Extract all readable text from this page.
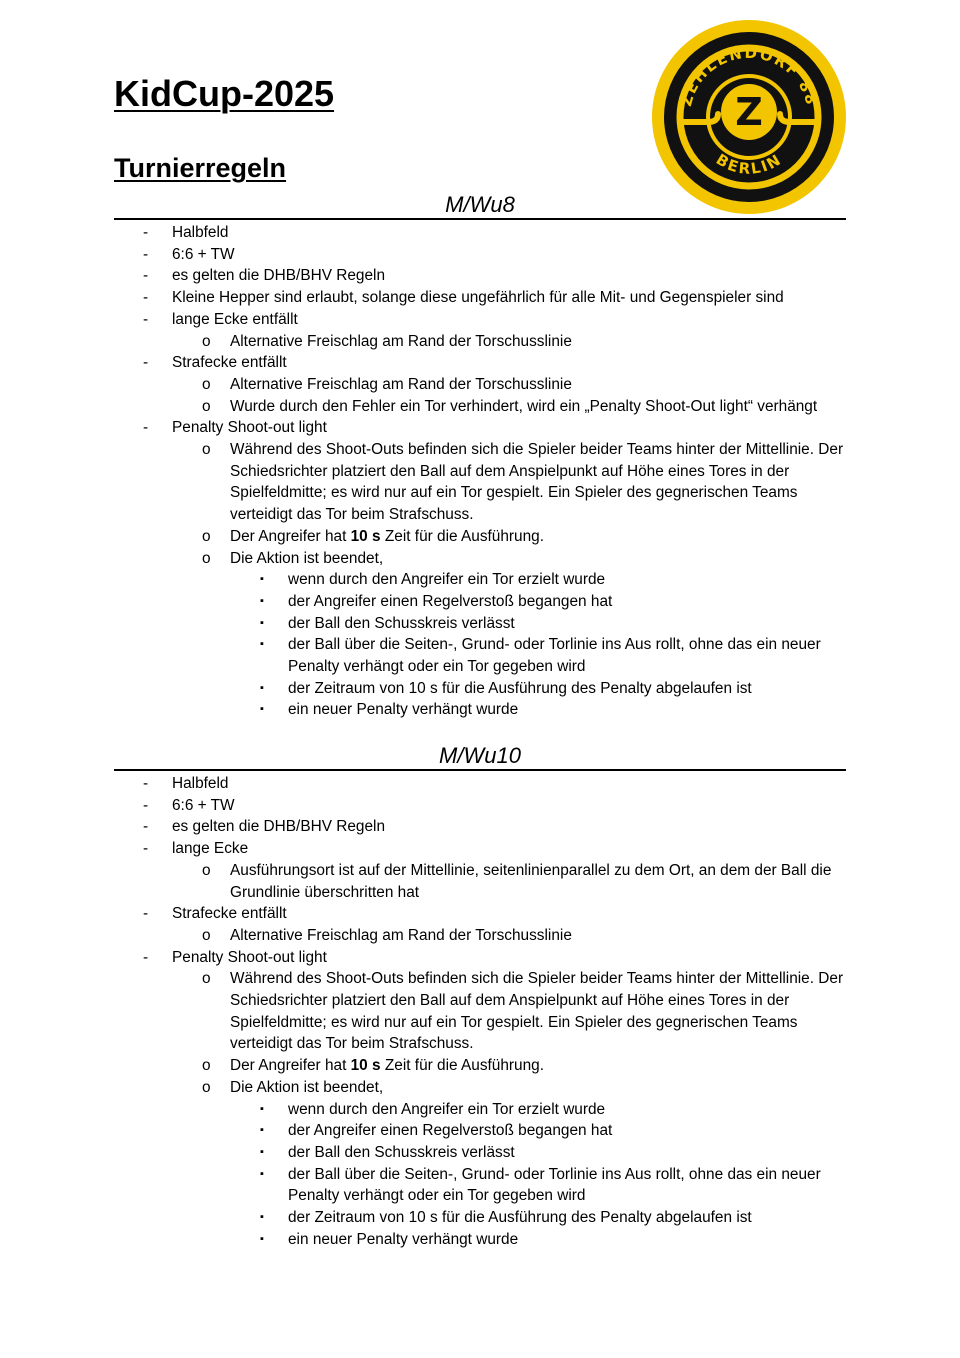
KidCup-2025
Turnierregeln
ZEHLENDORF 88
BERLIN
Z
M/Wu8
- Halbfeld
- 6:6 + TW
- es gelten die DHB/BHV Regeln
- Kleine Hepper sind erlaubt, solange diese ungefährlich für alle Mit- und Gegenspieler sind
- lange Ecke entfällt
o Alternative Freischlag am Rand der Torschusslinie
- Strafecke entfällt
o Alternative Freischlag am Rand der Torschusslinie
o Wurde durch den Fehler ein Tor verhindert, wird ein „Penalty Shoot-Out light“ verhängt
- Penalty Shoot-out light
o Während des Shoot-Outs befinden sich die Spieler beider Teams hinter der Mittellinie. Der Schiedsrichter platziert den Ball auf dem Anspielpunkt auf Höhe eines Tores in der Spielfeldmitte; es wird nur auf ein Tor gespielt. Ein Spieler des gegnerischen Teams verteidigt das Tor beim Strafschuss.
o Der Angreifer hat 10 s Zeit für die Ausführung.
o Die Aktion ist beendet,
▪ wenn durch den Angreifer ein Tor erzielt wurde
▪ der Angreifer einen Regelverstoß begangen hat
▪ der Ball den Schusskreis verlässt
▪ der Ball über die Seiten-, Grund- oder Torlinie ins Aus rollt, ohne das ein neuer Penalty verhängt oder ein Tor gegeben wird
▪ der Zeitraum von 10 s für die Ausführung des Penalty abgelaufen ist
▪ ein neuer Penalty verhängt wurde
M/Wu10
- Halbfeld
- 6:6 + TW
- es gelten die DHB/BHV Regeln
- lange Ecke
o Ausführungsort ist auf der Mittellinie, seitenlinienparallel zu dem Ort, an dem der Ball die Grundlinie überschritten hat
- Strafecke entfällt
o Alternative Freischlag am Rand der Torschusslinie
- Penalty Shoot-out light
o Während des Shoot-Outs befinden sich die Spieler beider Teams hinter der Mittellinie. Der Schiedsrichter platziert den Ball auf dem Anspielpunkt auf Höhe eines Tores in der Spielfeldmitte; es wird nur auf ein Tor gespielt. Ein Spieler des gegnerischen Teams verteidigt das Tor beim Strafschuss.
o Der Angreifer hat 10 s Zeit für die Ausführung.
o Die Aktion ist beendet,
▪ wenn durch den Angreifer ein Tor erzielt wurde
▪ der Angreifer einen Regelverstoß begangen hat
▪ der Ball den Schusskreis verlässt
▪ der Ball über die Seiten-, Grund- oder Torlinie ins Aus rollt, ohne das ein neuer Penalty verhängt oder ein Tor gegeben wird
▪ der Zeitraum von 10 s für die Ausführung des Penalty abgelaufen ist
▪ ein neuer Penalty verhängt wurde
